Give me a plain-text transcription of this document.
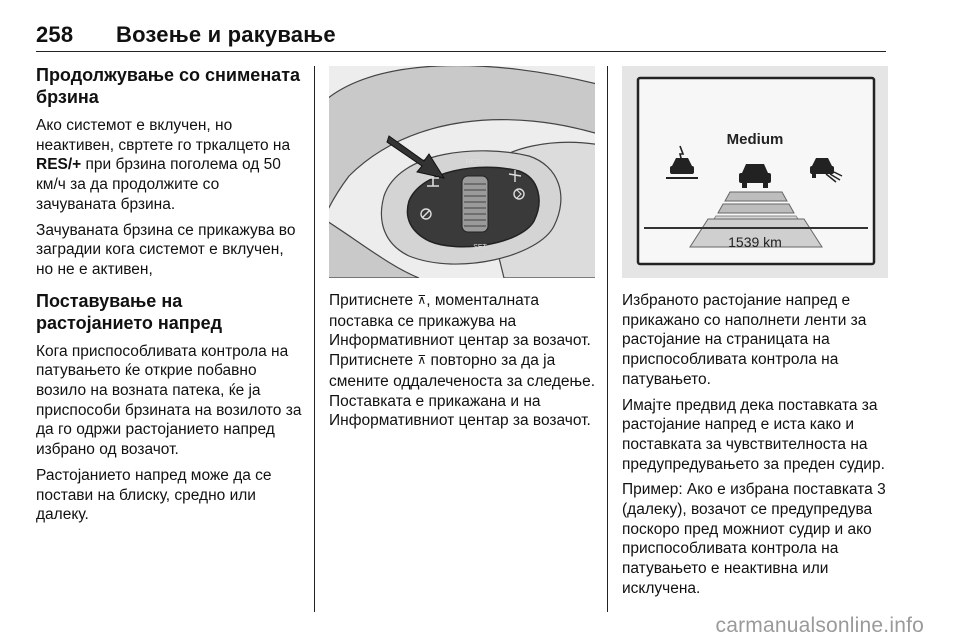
258 Возење и ракување
Продолжување со снимената брзина

Ако системот е вклучен, но неактивен, свртете го тркалцето на RES/+ при брзина поголема од 50 км/ч за да продолжите со зачуваната брзина.

Зачуваната брзина се прикажува во заградии кога системот е вклучен, но не е активен,

Поставување на растојанието напред

Кога приспособливата контрола на патувањето ќе открие побавно возило на возната патека, ќе ја приспособи брзината на возилото за да го одржи растојанието напред избрано од возачот.

Растојанието напред може да се постави на блиску, средно или далеку.

RES+
SET-
Medium
1539 km

Притиснете ⊼, моменталната поставка се прикажува на Информативниот центар за возачот. Притиснете ⊼ повторно за да ја смените оддалеченоста за следење. Поставката е прикажана и на Информативниот центар за возачот.

Избраното растојание напред е прикажано со наполнети ленти за растојание на страницата на приспособливата контрола на патувањето.

Имајте предвид дека поставката за растојание напред е иста како и поставката за чувствителноста на предупредувањето за преден судир.

Пример: Ако е избрана поставката 3 (далеку), возачот се предупредува поскоро пред можниот судир и ако приспособливата контрола на патувањето е неактивна или исклучена.

carmanualsonline.info
